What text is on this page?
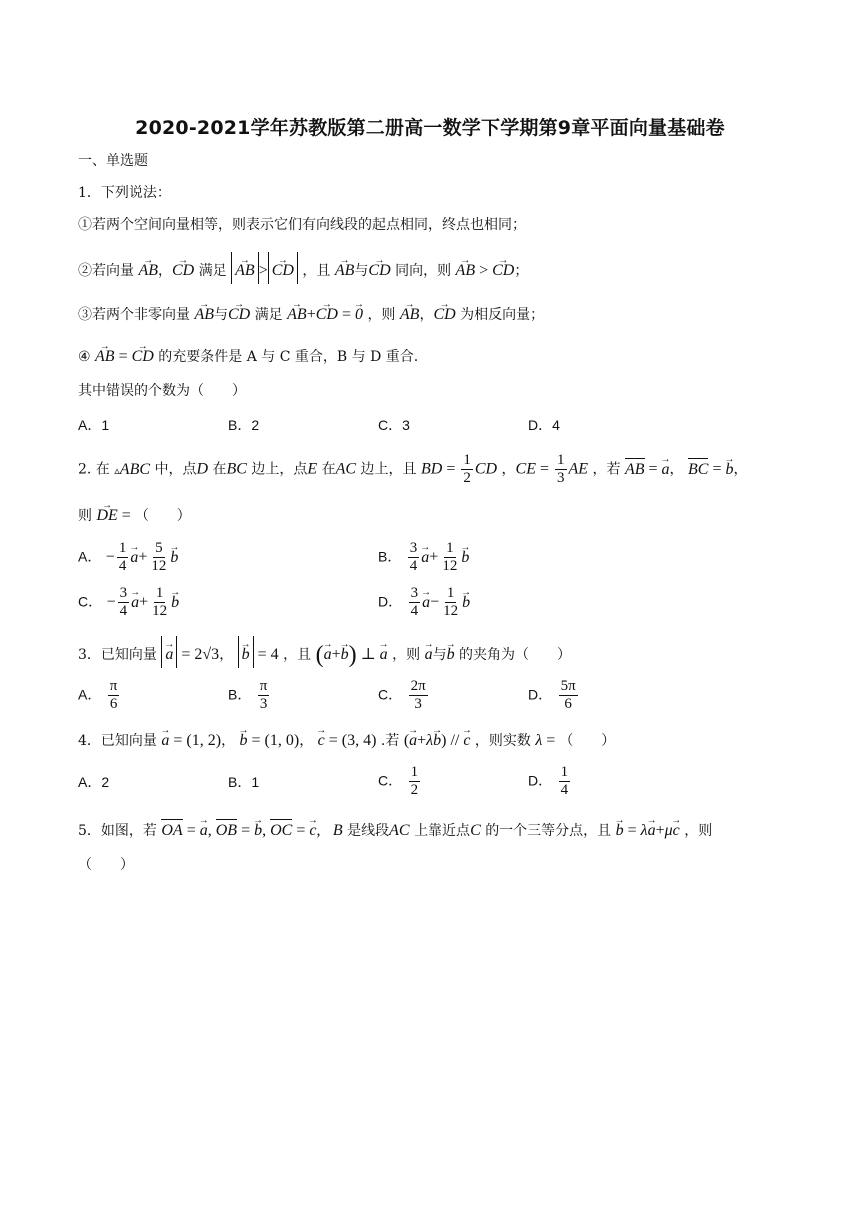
2020-2021学年苏教版第二册高一数学下学期第9章平面向量基础卷
一、单选题
1．下列说法：
①若两个空间向量相等，则表示它们有向线段的起点相同，终点也相同；
②若向量 → AB，→ CD 满足 → AB >→ CD ，且 → AB与→ CD 同向，则 → AB > → CD；
③若两个非零向量 → AB与→ CD 满足 → AB+→ CD = → 0 ，则 → AB，→ CD 为相反向量；
④ → AB = → CD 的充要条件是 A 与 C 重合，B 与 D 重合.
其中错误的个数为（　　）
A．1	B．2	C．3	D．4
2. 在 ▵ABC 中，点D 在BC 边上，点E 在AC 边上，且 BD = $\frac{1}{2}$ CD ，CE = $\frac{1}{3}$ AE ，若 AB = → a， BC = → b，
则 → DE = （　　）
A． − $\frac{1}{4}$
→ $a+ \frac{5}{12}$
→ b	B． $\frac{3}{4}$
→ $a+ \frac{1}{12}$
→ b
C． − $\frac{3}{4}$
→ $a+ \frac{1}{12}$
→ b	D． $\frac{3}{4}$
→ $a- \frac{1}{12}$
→ b
3．已知向量 → a = 2√3， → b = 4 ，且 (→ a+→ b) ⊥ → a ，则 → a与→ b 的夹角为（　　）
A． $\frac{\pi}{6}$	B． $\frac{\pi}{3}$	C． $\frac{2\pi}{3}$	D． $\frac{5\pi}{6}$
4．已知向量 → a = (1, 2)， → b = (1, 0)， → c = (3, 4) .若 (→ a+λ→ b) // → c ，则实数 λ = （　　）
A．2	B．1	C． $\frac{1}{2}$	D． $\frac{1}{4}$
5．如图，若 OA = → a, OB = → b, OC = → c,   B 是线段AC 上靠近点C 的一个三等分点，且 → b = λ→ a+μ→ c ，则
（　　）
